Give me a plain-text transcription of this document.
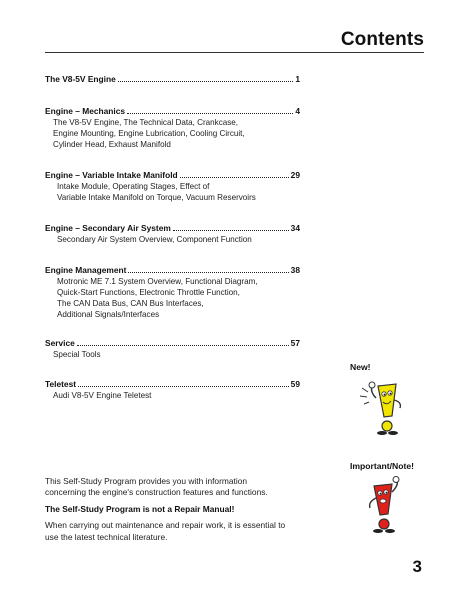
Contents
The V8-5V Engine	1
Engine – Mechanics	4
The V8-5V Engine, The Technical Data, Crankcase,
Engine Mounting, Engine Lubrication, Cooling Circuit,
Cylinder Head, Exhaust Manifold
Engine – Variable Intake Manifold	29
Intake Module, Operating Stages, Effect of
Variable Intake Manifold on Torque, Vacuum Reservoirs
Engine – Secondary Air System	34
Secondary Air System Overview, Component Function
Engine Management	38
Motronic ME 7.1 System Overview, Functional Diagram,
Quick-Start Functions, Electronic Throttle Function,
The CAN Data Bus, CAN Bus Interfaces,
Additional Signals/Interfaces
Service	57
Special Tools
Teletest	59
Audi V8-5V Engine Teletest
New!
Important/Note!

This Self-Study Program provides you with information

concerning the engine's construction features and functions.

The Self-Study Program is not a Repair Manual!

When carrying out maintenance and repair work, it is essential to

use the latest technical literature.

3
